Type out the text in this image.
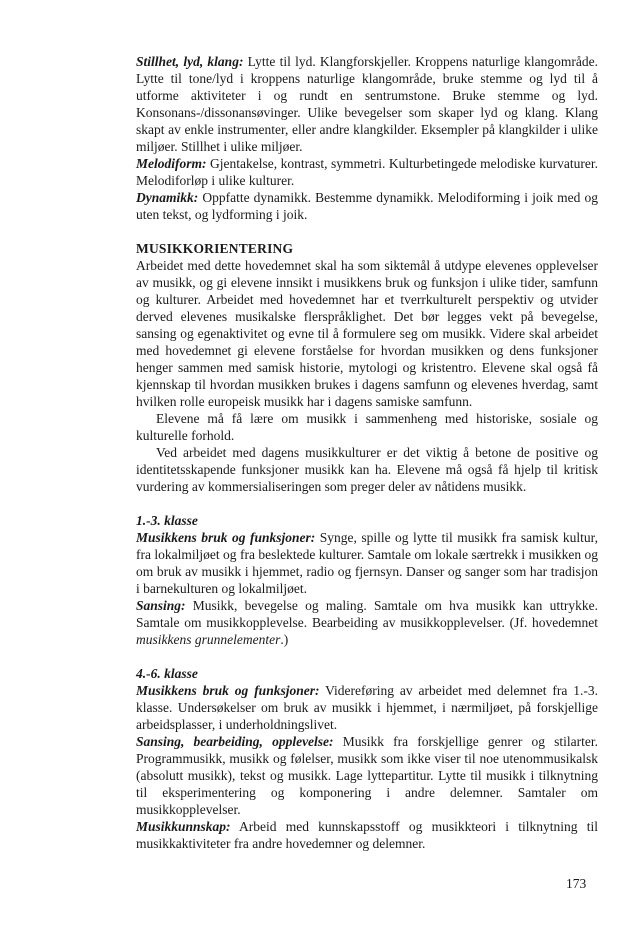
Stillhet, lyd, klang: Lytte til lyd. Klangforskjeller. Kroppens naturlige klangområde. Lytte til tone/lyd i kroppens naturlige klangområde, bruke stemme og lyd til å utforme aktiviteter i og rundt en sentrumstone. Bruke stemme og lyd. Konsonans-/dissonansøvinger. Ulike bevegelser som skaper lyd og klang. Klang skapt av enkle instrumenter, eller andre klangkilder. Eksempler på klangkilder i ulike miljøer. Stillhet i ulike miljøer.

Melodiform: Gjentakelse, kontrast, symmetri. Kulturbetingede melodiske kurvaturer. Melodiforløp i ulike kulturer.

Dynamikk: Oppfatte dynamikk. Bestemme dynamikk. Melodiforming i joik med og uten tekst, og lydforming i joik.

MUSIKKORIENTERING

Arbeidet med dette hovedemnet skal ha som siktemål å utdype elevenes opplevelser av musikk, og gi elevene innsikt i musikkens bruk og funksjon i ulike tider, samfunn og kulturer. Arbeidet med hovedemnet har et tverrkulturelt perspektiv og utvider derved elevenes musikalske flerspråklighet. Det bør legges vekt på bevegelse, sansing og egenaktivitet og evne til å formulere seg om musikk. Videre skal arbeidet med hovedemnet gi elevene forståelse for hvordan musikken og dens funksjoner henger sammen med samisk historie, mytologi og kristentro. Elevene skal også få kjennskap til hvordan musikken brukes i dagens samfunn og elevenes hverdag, samt hvilken rolle europeisk musikk har i dagens samiske samfunn.

Elevene må få lære om musikk i sammenheng med historiske, sosiale og kulturelle forhold.

Ved arbeidet med dagens musikkulturer er det viktig å betone de positive og identitetsskapende funksjoner musikk kan ha. Elevene må også få hjelp til kritisk vurdering av kommersialiseringen som preger deler av nåtidens musikk.

1.-3. klasse

Musikkens bruk og funksjoner: Synge, spille og lytte til musikk fra samisk kultur, fra lokalmiljøet og fra beslektede kulturer. Samtale om lokale særtrekk i musikken og om bruk av musikk i hjemmet, radio og fjernsyn. Danser og sanger som har tradisjon i barnekulturen og lokalmiljøet.

Sansing: Musikk, bevegelse og maling. Samtale om hva musikk kan uttrykke. Samtale om musikkopplevelse. Bearbeiding av musikkopplevelser. (Jf. hovedemnet musikkens grunnelementer.)

4.-6. klasse

Musikkens bruk og funksjoner: Videreføring av arbeidet med delemnet fra 1.-3. klasse. Undersøkelser om bruk av musikk i hjemmet, i nærmiljøet, på forskjellige arbeidsplasser, i underholdningslivet.

Sansing, bearbeiding, opplevelse: Musikk fra forskjellige genrer og stilarter. Programmusikk, musikk og følelser, musikk som ikke viser til noe utenommusikalsk (absolutt musikk), tekst og musikk. Lage lyttepartitur. Lytte til musikk i tilknytning til eksperimentering og komponering i andre delemner. Samtaler om musikkopplevelser.

Musikkunnskap: Arbeid med kunnskapsstoff og musikkteori i tilknytning til musikkaktiviteter fra andre hovedemner og delemner.

173
